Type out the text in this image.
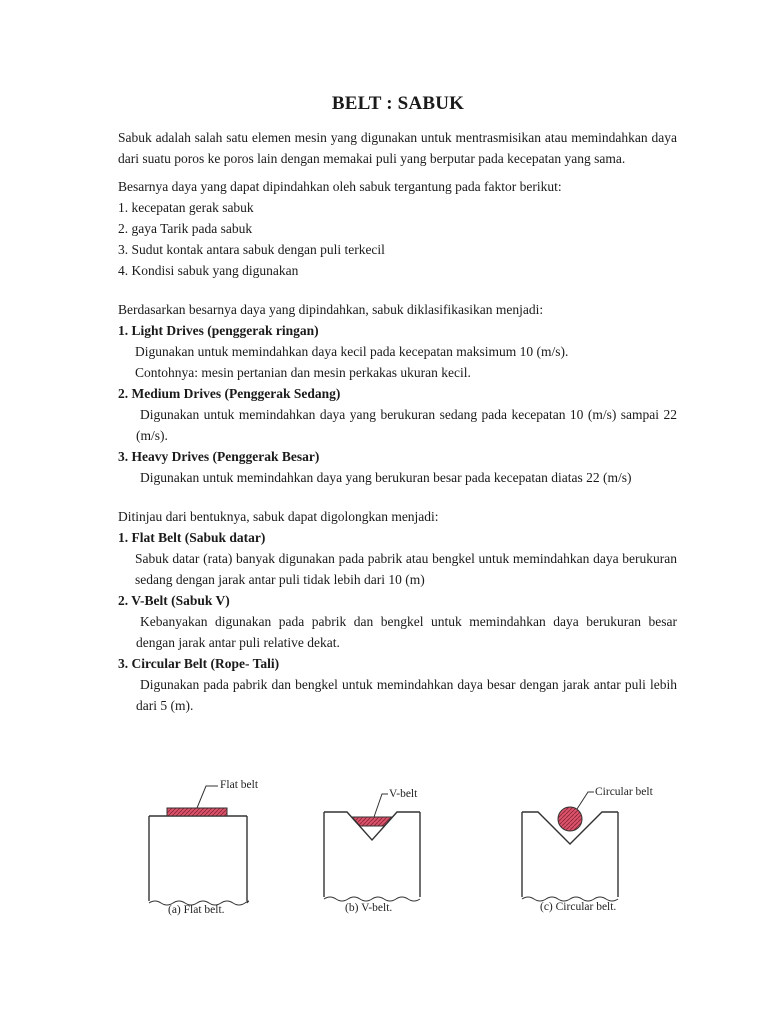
BELT : SABUK

Sabuk adalah salah satu elemen mesin yang digunakan untuk mentrasmisikan atau memindahkan daya dari suatu poros ke poros lain dengan memakai puli yang berputar pada kecepatan yang sama.

Besarnya daya yang dapat dipindahkan oleh sabuk tergantung pada faktor berikut:

1. kecepatan gerak sabuk

2. gaya Tarik pada sabuk

3. Sudut kontak antara sabuk dengan puli terkecil

4. Kondisi sabuk yang digunakan

Berdasarkan besarnya daya yang dipindahkan, sabuk diklasifikasikan menjadi:

1. Light Drives (penggerak ringan)

Digunakan untuk memindahkan daya kecil pada kecepatan maksimum 10 (m/s).

Contohnya: mesin pertanian dan mesin perkakas ukuran kecil.

2. Medium Drives (Penggerak Sedang)

Digunakan untuk memindahkan daya yang berukuran sedang pada kecepatan 10 (m/s) sampai 22 (m/s).

3. Heavy Drives (Penggerak Besar)

Digunakan untuk memindahkan daya yang berukuran besar pada kecepatan diatas 22 (m/s)

Ditinjau dari bentuknya, sabuk dapat digolongkan menjadi:

1. Flat Belt (Sabuk datar)

Sabuk datar (rata) banyak digunakan pada pabrik atau bengkel untuk memindahkan daya berukuran sedang dengan jarak antar puli tidak lebih dari 10 (m)

2. V-Belt (Sabuk V)

Kebanyakan digunakan pada pabrik dan bengkel untuk memindahkan daya berukuran besar dengan jarak antar puli relative dekat.

3. Circular Belt (Rope- Tali)

Digunakan pada pabrik dan bengkel untuk memindahkan daya besar dengan jarak antar puli lebih dari 5 (m).

Flat belt
(a) Flat belt.
V-belt
(b) V-belt.
Circular belt
(c) Circular belt.
